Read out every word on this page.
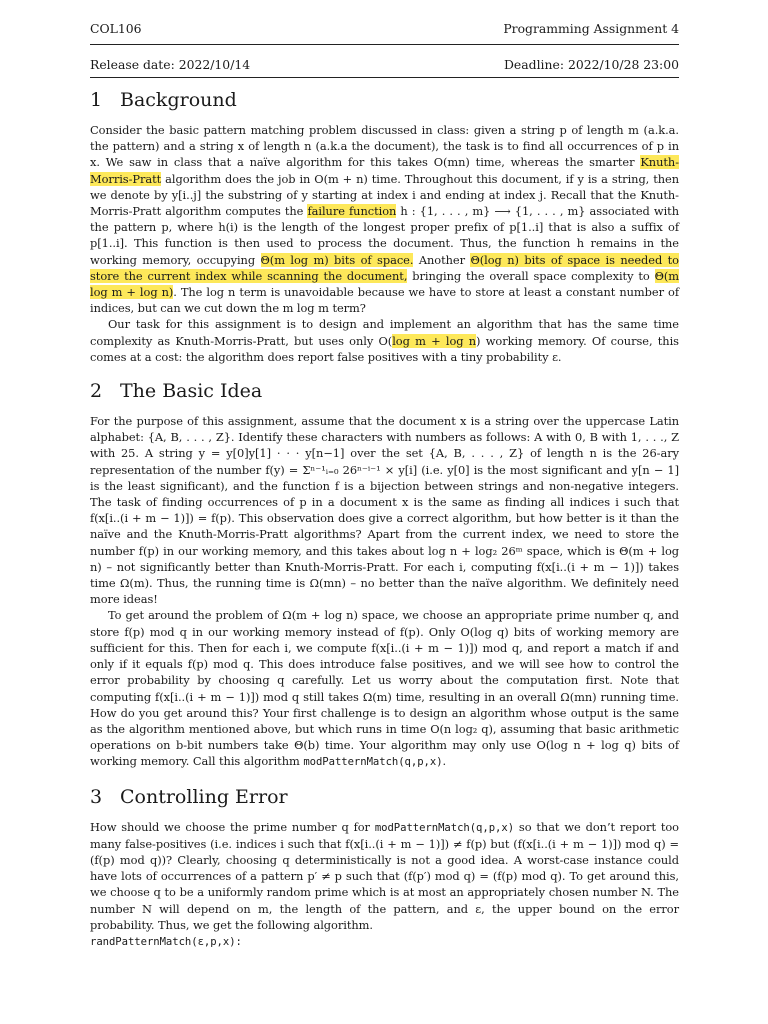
COL106	Programming Assignment 4
Release date: 2022/10/14	Deadline: 2022/10/28 23:00
1 Background

Consider the basic pattern matching problem discussed in class: given a string p of length m (a.k.a. the pattern) and a string x of length n (a.k.a the document), the task is to find all occurrences of p in x. We saw in class that a naïve algorithm for this takes O(mn) time, whereas the smarter Knuth-Morris-Pratt algorithm does the job in O(m + n) time. Throughout this document, if y is a string, then we denote by y[i..j] the substring of y starting at index i and ending at index j. Recall that the Knuth-Morris-Pratt algorithm computes the failure function h : {1, . . . , m} ⟶ {1, . . . , m} associated with the pattern p, where h(i) is the length of the longest proper prefix of p[1..i] that is also a suffix of p[1..i]. This function is then used to process the document. Thus, the function h remains in the working memory, occupying Θ(m log m) bits of space. Another Θ(log n) bits of space is needed to store the current index while scanning the document, bringing the overall space complexity to Θ(m log m + log n). The log n term is unavoidable because we have to store at least a constant number of indices, but can we cut down the m log m term?

Our task for this assignment is to design and implement an algorithm that has the same time complexity as Knuth-Morris-Pratt, but uses only O(log m + log n) working memory. Of course, this comes at a cost: the algorithm does report false positives with a tiny probability ε.

2 The Basic Idea

For the purpose of this assignment, assume that the document x is a string over the uppercase Latin alphabet: {A, B, . . . , Z}. Identify these characters with numbers as follows: A with 0, B with 1, . . ., Z with 25. A string y = y[0]y[1] · · · y[n−1] over the set {A, B, . . . , Z} of length n is the 26-ary representation of the number f(y) = Σⁿ⁻¹ᵢ₌₀ 26ⁿ⁻ⁱ⁻¹ × y[i] (i.e. y[0] is the most significant and y[n − 1] is the least significant), and the function f is a bijection between strings and non-negative integers. The task of finding occurrences of p in a document x is the same as finding all indices i such that f(x[i..(i + m − 1)]) = f(p). This observation does give a correct algorithm, but how better is it than the naïve and the Knuth-Morris-Pratt algorithms? Apart from the current index, we need to store the number f(p) in our working memory, and this takes about log n + log₂ 26ᵐ space, which is Θ(m + log n) – not significantly better than Knuth-Morris-Pratt. For each i, computing f(x[i..(i + m − 1)]) takes time Ω(m). Thus, the running time is Ω(mn) – no better than the naïve algorithm. We definitely need more ideas!

To get around the problem of Ω(m + log n) space, we choose an appropriate prime number q, and store f(p) mod q in our working memory instead of f(p). Only O(log q) bits of working memory are sufficient for this. Then for each i, we compute f(x[i..(i + m − 1)]) mod q, and report a match if and only if it equals f(p) mod q. This does introduce false positives, and we will see how to control the error probability by choosing q carefully. Let us worry about the computation first. Note that computing f(x[i..(i + m − 1)]) mod q still takes Ω(m) time, resulting in an overall Ω(mn) running time. How do you get around this? Your first challenge is to design an algorithm whose output is the same as the algorithm mentioned above, but which runs in time O(n log₂ q), assuming that basic arithmetic operations on b-bit numbers take Θ(b) time. Your algorithm may only use O(log n + log q) bits of working memory. Call this algorithm modPatternMatch(q,p,x).

3 Controlling Error

How should we choose the prime number q for modPatternMatch(q,p,x) so that we don’t report too many false-positives (i.e. indices i such that f(x[i..(i + m − 1)]) ≠ f(p) but (f(x[i..(i + m − 1)]) mod q) = (f(p) mod q))? Clearly, choosing q deterministically is not a good idea. A worst-case instance could have lots of occurrences of a pattern p′ ≠ p such that (f(p′) mod q) = (f(p) mod q). To get around this, we choose q to be a uniformly random prime which is at most an appropriately chosen number N. The number N will depend on m, the length of the pattern, and ε, the upper bound on the error probability. Thus, we get the following algorithm.

randPatternMatch(ε,p,x):
